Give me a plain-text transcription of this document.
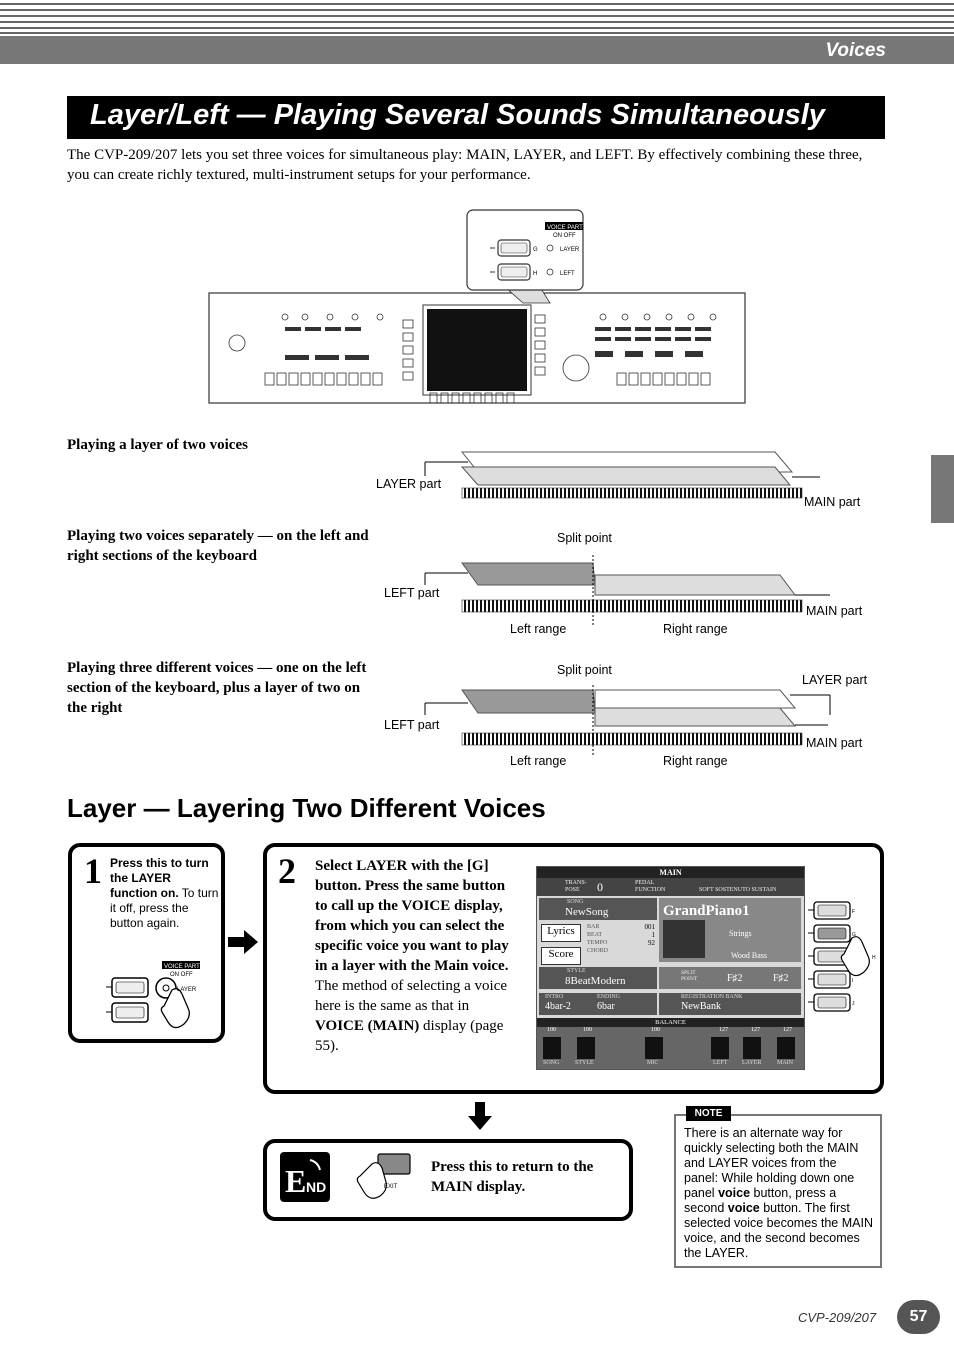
Voices
Layer/Left — Playing Several Sounds Simultaneously
The CVP-209/207 lets you set three voices for simultaneous play: MAIN, LAYER, and LEFT. By effectively combining these three, you can create richly textured, multi-instrument setups for your performance.
VOICE PART
ON OFF
LAYER
LEFT
G
H
Playing a layer of two voices
Playing two voices separately — on the left and right sections of the keyboard
Playing three different voices — one on the left section of the keyboard, plus a layer of two on the right
LAYER part
MAIN part
Split point
LEFT part
MAIN part
Left range	Right range
Split point
LAYER part
LEFT part
MAIN part
Left range	Right range
Layer — Layering Two Different Voices
1 Press this to turn the LAYER function on. To turn it off, press the button again.
VOICE PART
ON OFF
LAYER
2 Select LAYER with the [G] button. Press the same button to call up the VOICE display, from which you can select the specific voice you want to play in a layer with the Main voice. The method of selecting a voice here is the same as that in VOICE (MAIN) display (page 55).
MAIN
TRANS-POSE	0	PEDAL FUNCTION	SOFT SOSTENUTO SUSTAIN
SONG
NewSong
Lyrics
Score
BAR
BEAT
TEMPO
CHORD
001
1
92
GrandPiano1
Strings
Wood Bass
STYLE
8BeatModern
SPLIT POINT	F♯2	F♯2
INTRO
4bar-2
ENDING
6bar
REGISTRATION BANK
NewBank
BALANCE
100	100	100	127	127	127
SONG	STYLE	MIC	LEFT LAYER	MAIN
F
G
H
I
J
E ND	EXIT
Press this to return to the MAIN display.
NOTE
There is an alternate way for quickly selecting both the MAIN and LAYER voices from the panel: While holding down one panel voice button, press a second voice button. The first selected voice becomes the MAIN voice, and the second becomes the LAYER.
CVP-209/207	57
